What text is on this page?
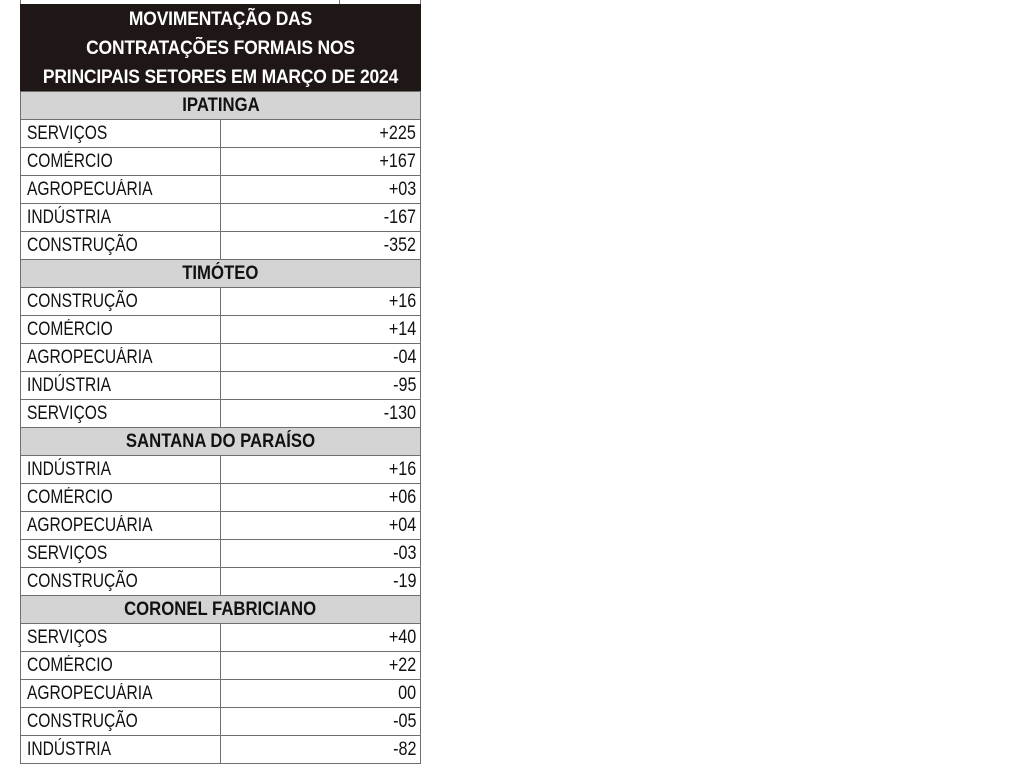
MOVIMENTAÇÃO DAS
CONTRATAÇÕES FORMAIS NOS
PRINCIPAIS SETORES EM MARÇO DE 2024
IPATINGA	
SERVIÇOS	+225
COMÉRCIO	+167
AGROPECUÁRIA	+03
INDÚSTRIA	-167
CONSTRUÇÃO	-352
TIMÓTEO	
CONSTRUÇÃO	+16
COMÉRCIO	+14
AGROPECUÁRIA	-04
INDÚSTRIA	-95
SERVIÇOS	-130
SANTANA DO PARAÍSO	
INDÚSTRIA	+16
COMÉRCIO	+06
AGROPECUÁRIA	+04
SERVIÇOS	-03
CONSTRUÇÃO	-19
CORONEL FABRICIANO	
SERVIÇOS	+40
COMÉRCIO	+22
AGROPECUÁRIA	00
CONSTRUÇÃO	-05
INDÚSTRIA	-82
